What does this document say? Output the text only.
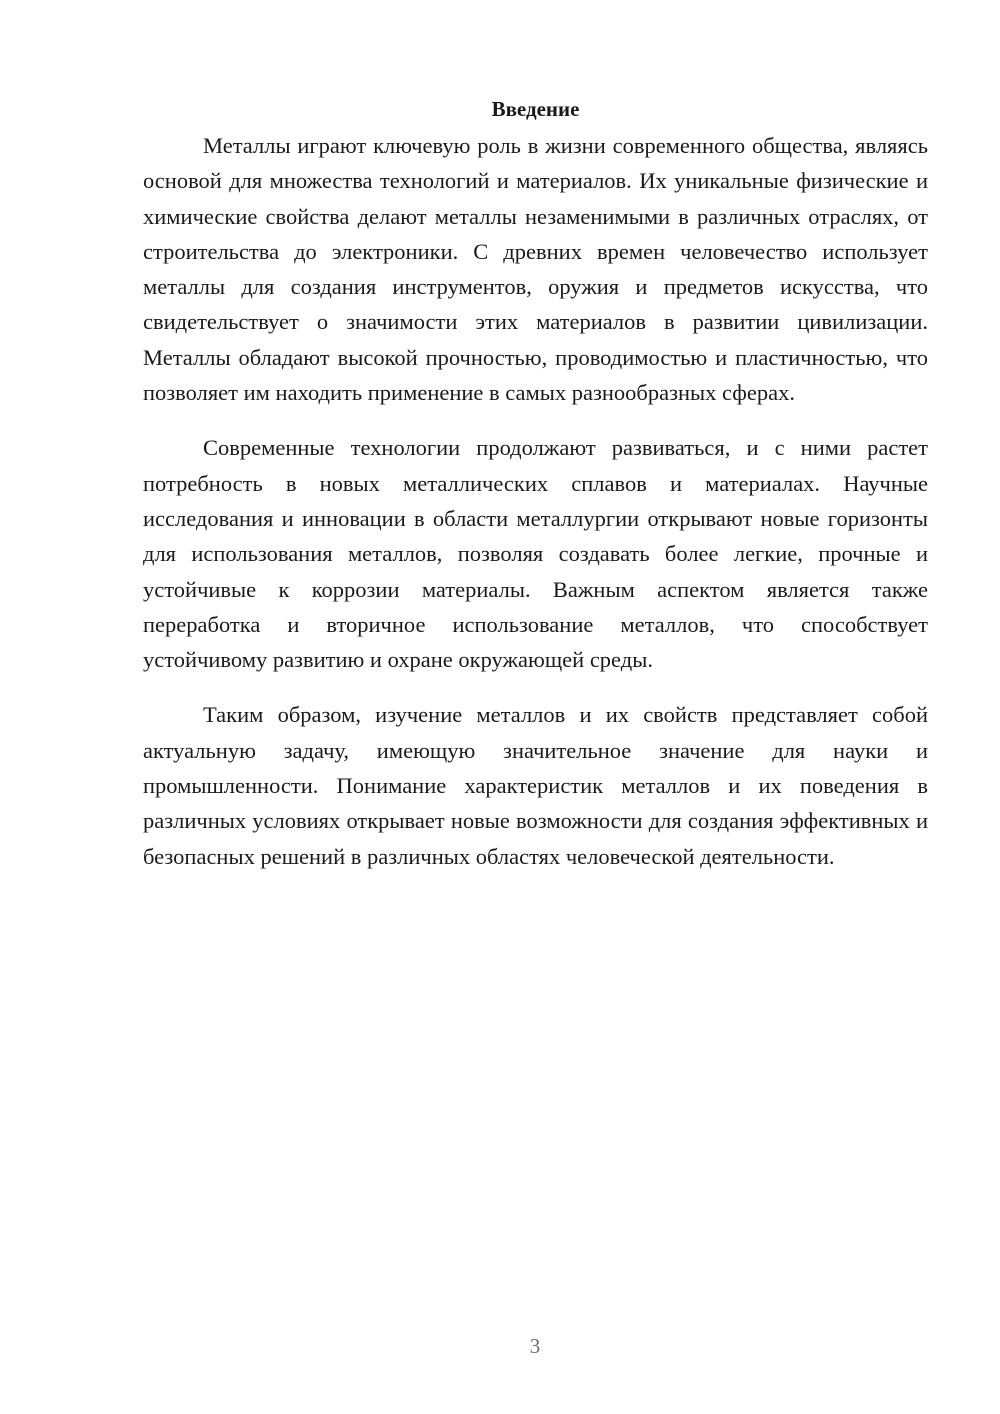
Введение

Металлы играют ключевую роль в жизни современного общества, являясь основой для множества технологий и материалов. Их уникальные физические и химические свойства делают металлы незаменимыми в различных отраслях, от строительства до электроники. С древних времен человечество использует металлы для создания инструментов, оружия и предметов искусства, что свидетельствует о значимости этих материалов в развитии цивилизации. Металлы обладают высокой прочностью, проводимостью и пластичностью, что позволяет им находить применение в самых разнообразных сферах.

Современные технологии продолжают развиваться, и с ними растет потребность в новых металлических сплавов и материалах. Научные исследования и инновации в области металлургии открывают новые горизонты для использования металлов, позволяя создавать более легкие, прочные и устойчивые к коррозии материалы. Важным аспектом является также переработка и вторичное использование металлов, что способствует устойчивому развитию и охране окружающей среды.

Таким образом, изучение металлов и их свойств представляет собой актуальную задачу, имеющую значительное значение для науки и промышленности. Понимание характеристик металлов и их поведения в различных условиях открывает новые возможности для создания эффективных и безопасных решений в различных областях человеческой деятельности.

3
